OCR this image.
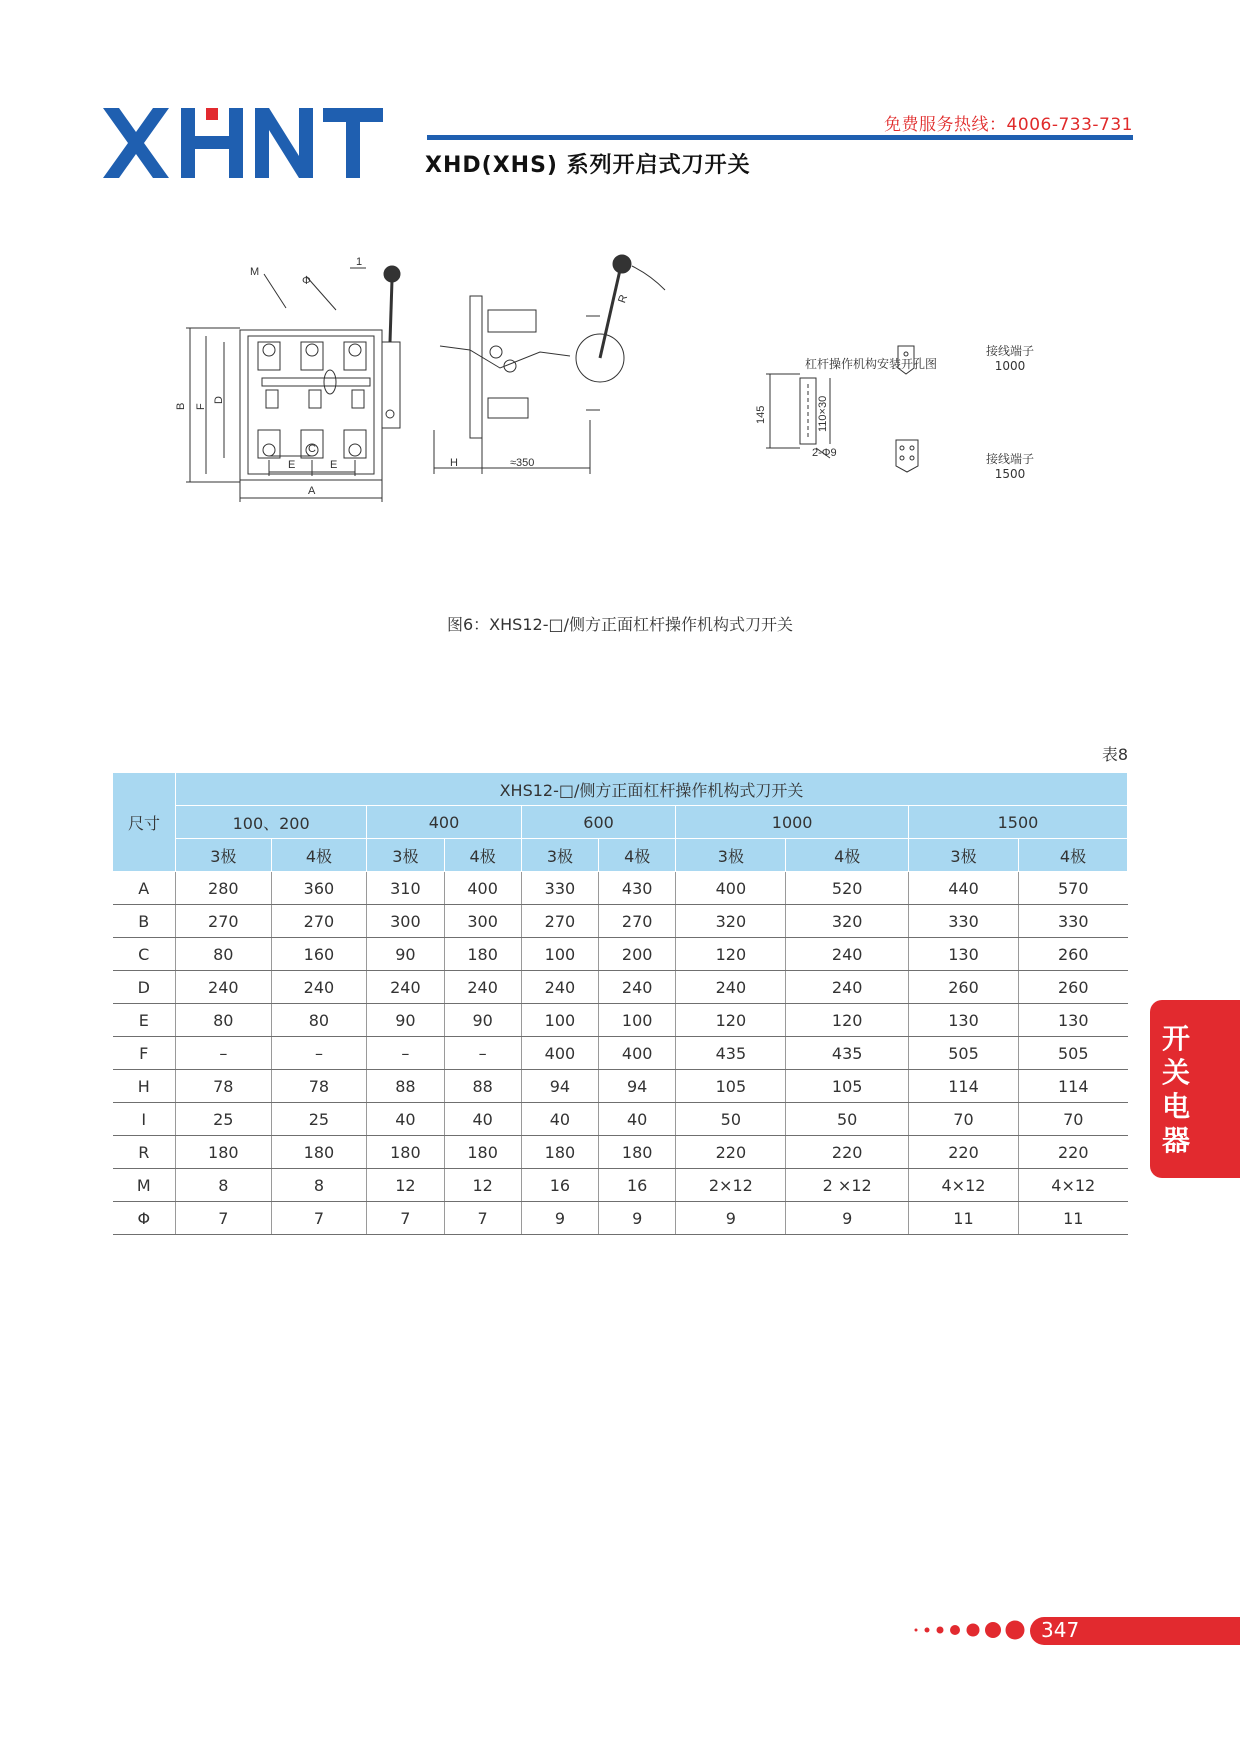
免费服务热线：4006-733-731
XHD(XHS) 系列开启式刀开关
M
Φ
1
B F
D
C
E	E
A
R
H	≈350
145	110×30
2-Φ9
杠杆操作机构安装开孔图
接线端子
1000
接线端子
1500
图6：XHS12-□/侧方正面杠杆操作机构式刀开关
表8
尺寸	XHS12-□/侧方正面杠杆操作机构式刀开关									
	100、200		400		600		1000		1500	
	3极	4极	3极	4极	3极	4极	3极	4极	3极	4极
A	280	360	310	400	330	430	400	520	440	570
B	270	270	300	300	270	270	320	320	330	330
C	80	160	90	180	100	200	120	240	130	260
D	240	240	240	240	240	240	240	240	260	260
E	80	80	90	90	100	100	120	120	130	130
F	–	–	–	–	400	400	435	435	505	505
H	78	78	88	88	94	94	105	105	114	114
I	25	25	40	40	40	40	50	50	70	70
R	180	180	180	180	180	180	220	220	220	220
M	8	8	12	12	16	16	2×12	2 ×12	4×12	4×12
Φ	7	7	7	7	9	9	9	9	11	11
开关电器
347
